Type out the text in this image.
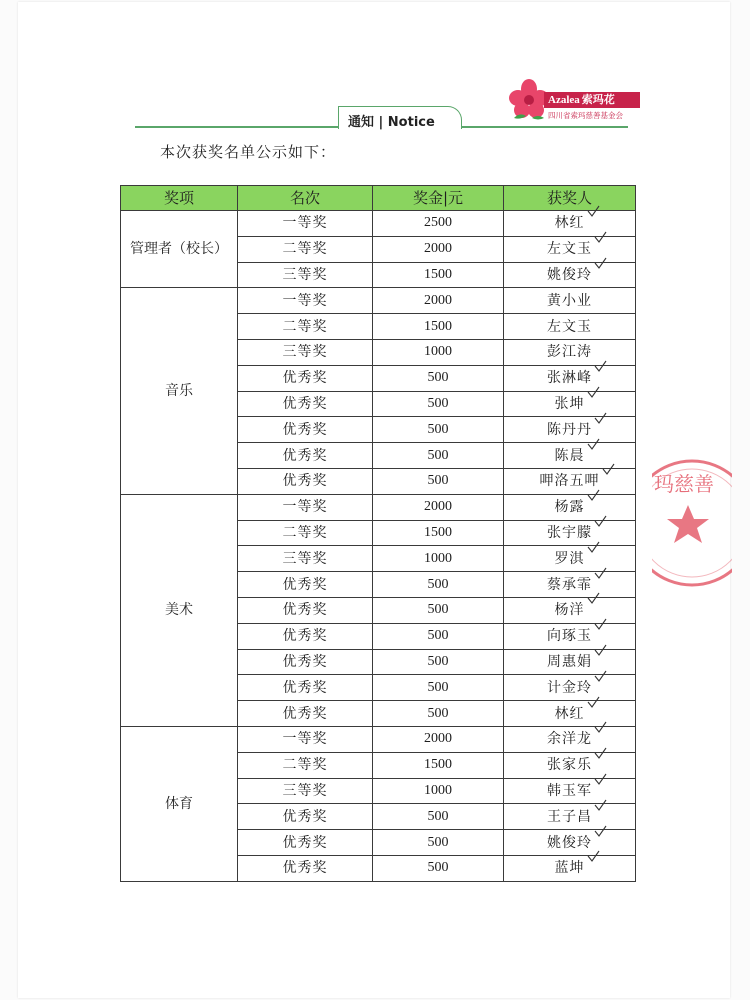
通知 | Notice
Azalea 索玛花
四川省索玛慈善基金会
本次获奖名单公示如下：
奖项	名次	奖金|元	获奖人
管理者（校长）	一等奖	2500	林红

	二等奖	2000	左文玉

	三等奖	1500	姚俊玲

音乐	一等奖	2000	黄小业
	二等奖	1500	左文玉
	三等奖	1000	彭江涛
	优秀奖	500	张淋峰

	优秀奖	500	张坤

	优秀奖	500	陈丹丹

	优秀奖	500	陈晨

	优秀奖	500	呷洛五呷

美术	一等奖	2000	杨露

	二等奖	1500	张宇朦

	三等奖	1000	罗淇

	优秀奖	500	蔡承霏

	优秀奖	500	杨洋

	优秀奖	500	向琢玉

	优秀奖	500	周惠娟

	优秀奖	500	计金玲

	优秀奖	500	林红

体育	一等奖	2000	余洋龙

	二等奖	1500	张家乐

	三等奖	1000	韩玉军

	优秀奖	500	王子昌

	优秀奖	500	姚俊玲

	优秀奖	500	蓝坤
玛慈善
